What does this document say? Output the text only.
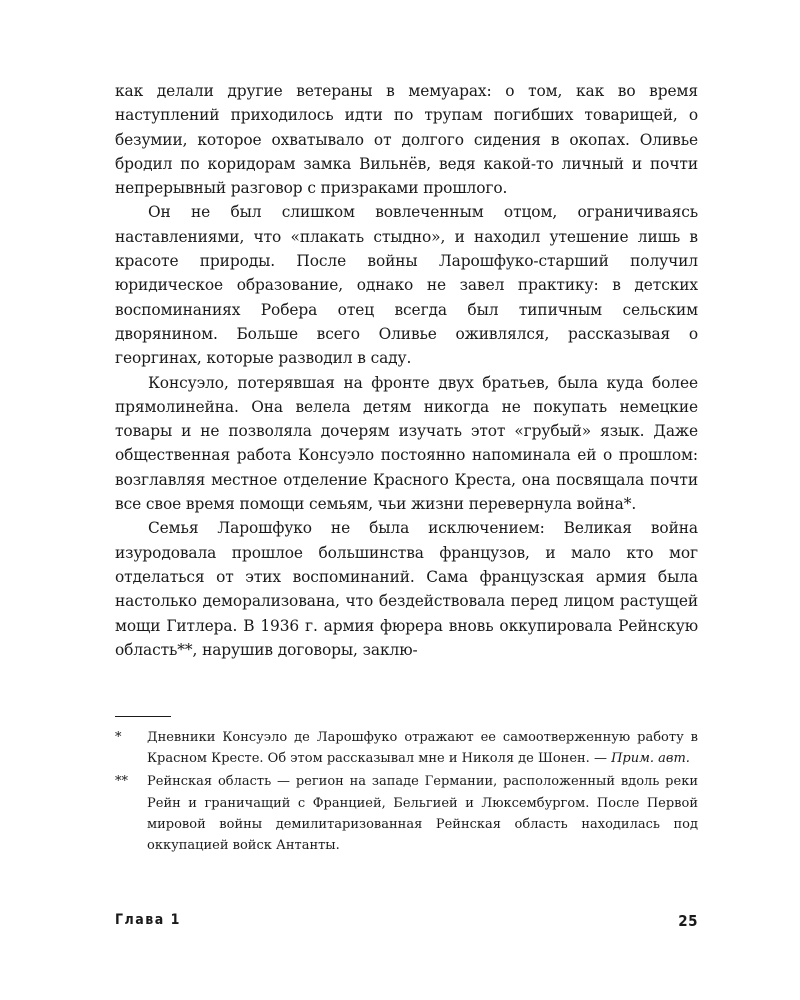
как делали другие ветераны в мемуарах: о том, как во время наступлений приходилось идти по трупам погибших товарищей, о безумии, которое охватывало от долгого сидения в окопах. Оливье бродил по коридорам замка Вильнёв, ведя какой-то личный и почти непрерывный разговор с призраками прошлого.

Он не был слишком вовлеченным отцом, ограничиваясь наставлениями, что «плакать стыдно», и находил утешение лишь в красоте природы. После войны Ларошфуко-старший получил юридическое образование, однако не завел практику: в детских воспоминаниях Робера отец всегда был типичным сельским дворянином. Больше всего Оливье оживлялся, рассказывая о георгинах, которые разводил в саду.

Консуэло, потерявшая на фронте двух братьев, была куда более прямолинейна. Она велела детям никогда не покупать немецкие товары и не позволяла дочерям изучать этот «грубый» язык. Даже общественная работа Консуэло постоянно напоминала ей о прошлом: возглавляя местное отделение Красного Креста, она посвящала почти все свое время помощи семьям, чьи жизни перевернула война*.

Семья Ларошфуко не была исключением: Великая война изуродовала прошлое большинства французов, и мало кто мог отделаться от этих воспоминаний. Сама французская армия была настолько деморализована, что бездействовала перед лицом растущей мощи Гитлера. В 1936 г. армия фюрера вновь оккупировала Рейнскую область**, нарушив договоры, заклю-

*	Дневники Консуэло де Ларошфуко отражают ее самоотверженную работу в Красном Кресте. Об этом рассказывал мне и Николя де Шонен. — Прим. авт.
**	Рейнская область — регион на западе Германии, расположенный вдоль реки Рейн и граничащий с Францией, Бельгией и Люксембургом. После Первой мировой войны демилитаризованная Рейнская область находилась под оккупацией войск Антанты.
Глава 1	25
